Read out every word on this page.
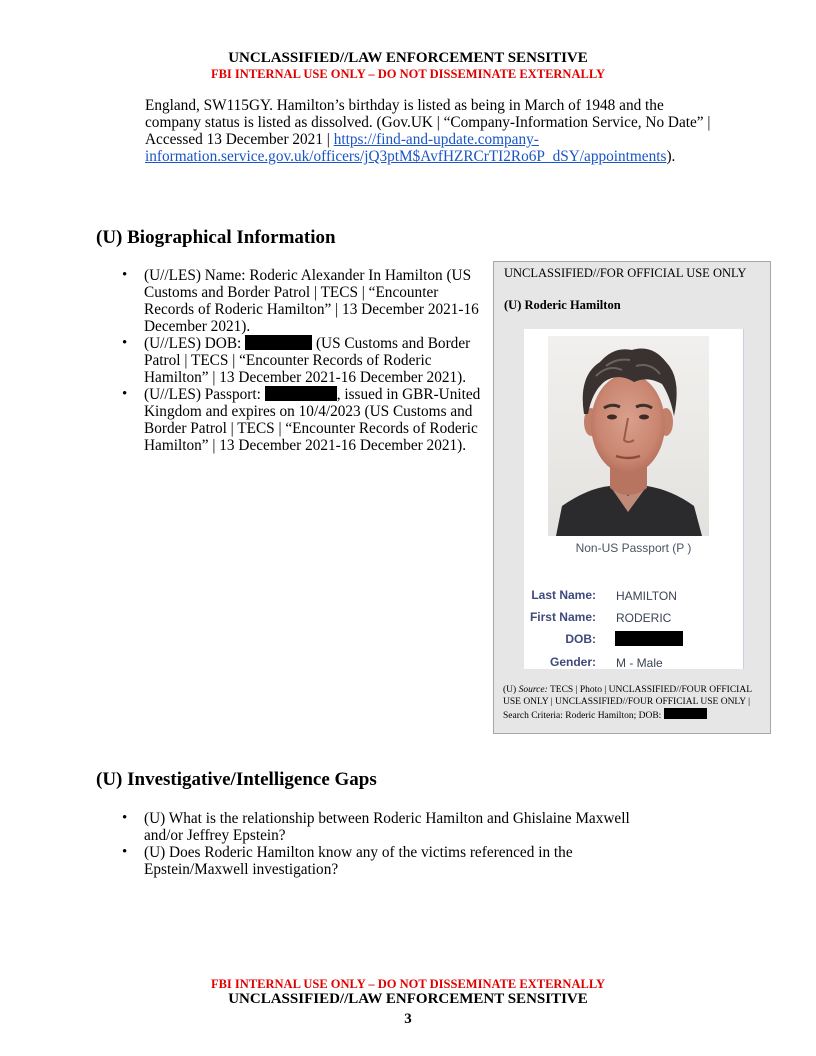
UNCLASSIFIED//LAW ENFORCEMENT SENSITIVE
FBI INTERNAL USE ONLY – DO NOT DISSEMINATE EXTERNALLY
England, SW115GY. Hamilton’s birthday is listed as being in March of 1948 and the company status is listed as dissolved. (Gov.UK | “Company-Information Service, No Date” | Accessed 13 December 2021 | https://find-and-update.company-information.service.gov.uk/officers/jQ3ptM$AvfHZRCrTI2Ro6P_dSY/appointments).
(U) Biographical Information
• (U//LES) Name: Roderic Alexander In Hamilton (US Customs and Border Patrol | TECS | “Encounter Records of Roderic Hamilton” | 13 December 2021-16 December 2021).
• (U//LES) DOB:	(US Customs and Border Patrol | TECS | “Encounter Records of Roderic Hamilton” | 13 December 2021-16 December 2021).
• (U//LES) Passport:	, issued in GBR-United Kingdom and expires on 10/4/2023 (US Customs and Border Patrol | TECS | “Encounter Records of Roderic Hamilton” | 13 December 2021-16 December 2021).
UNCLASSIFIED//FOR OFFICIAL USE ONLY
(U) Roderic Hamilton
Non-US Passport (P )
Last Name: HAMILTON
First Name: RODERIC
DOB:
Gender: M - Male
(U) Source: TECS | Photo | UNCLASSIFIED//FOUR OFFICIAL USE ONLY | UNCLASSIFIED//FOUR OFFICIAL USE ONLY | Search Criteria: Roderic Hamilton; DOB:
(U) Investigative/Intelligence Gaps
• (U) What is the relationship between Roderic Hamilton and Ghislaine Maxwell and/or Jeffrey Epstein?
• (U) Does Roderic Hamilton know any of the victims referenced in the Epstein/Maxwell investigation?
FBI INTERNAL USE ONLY – DO NOT DISSEMINATE EXTERNALLY
UNCLASSIFIED//LAW ENFORCEMENT SENSITIVE
3
